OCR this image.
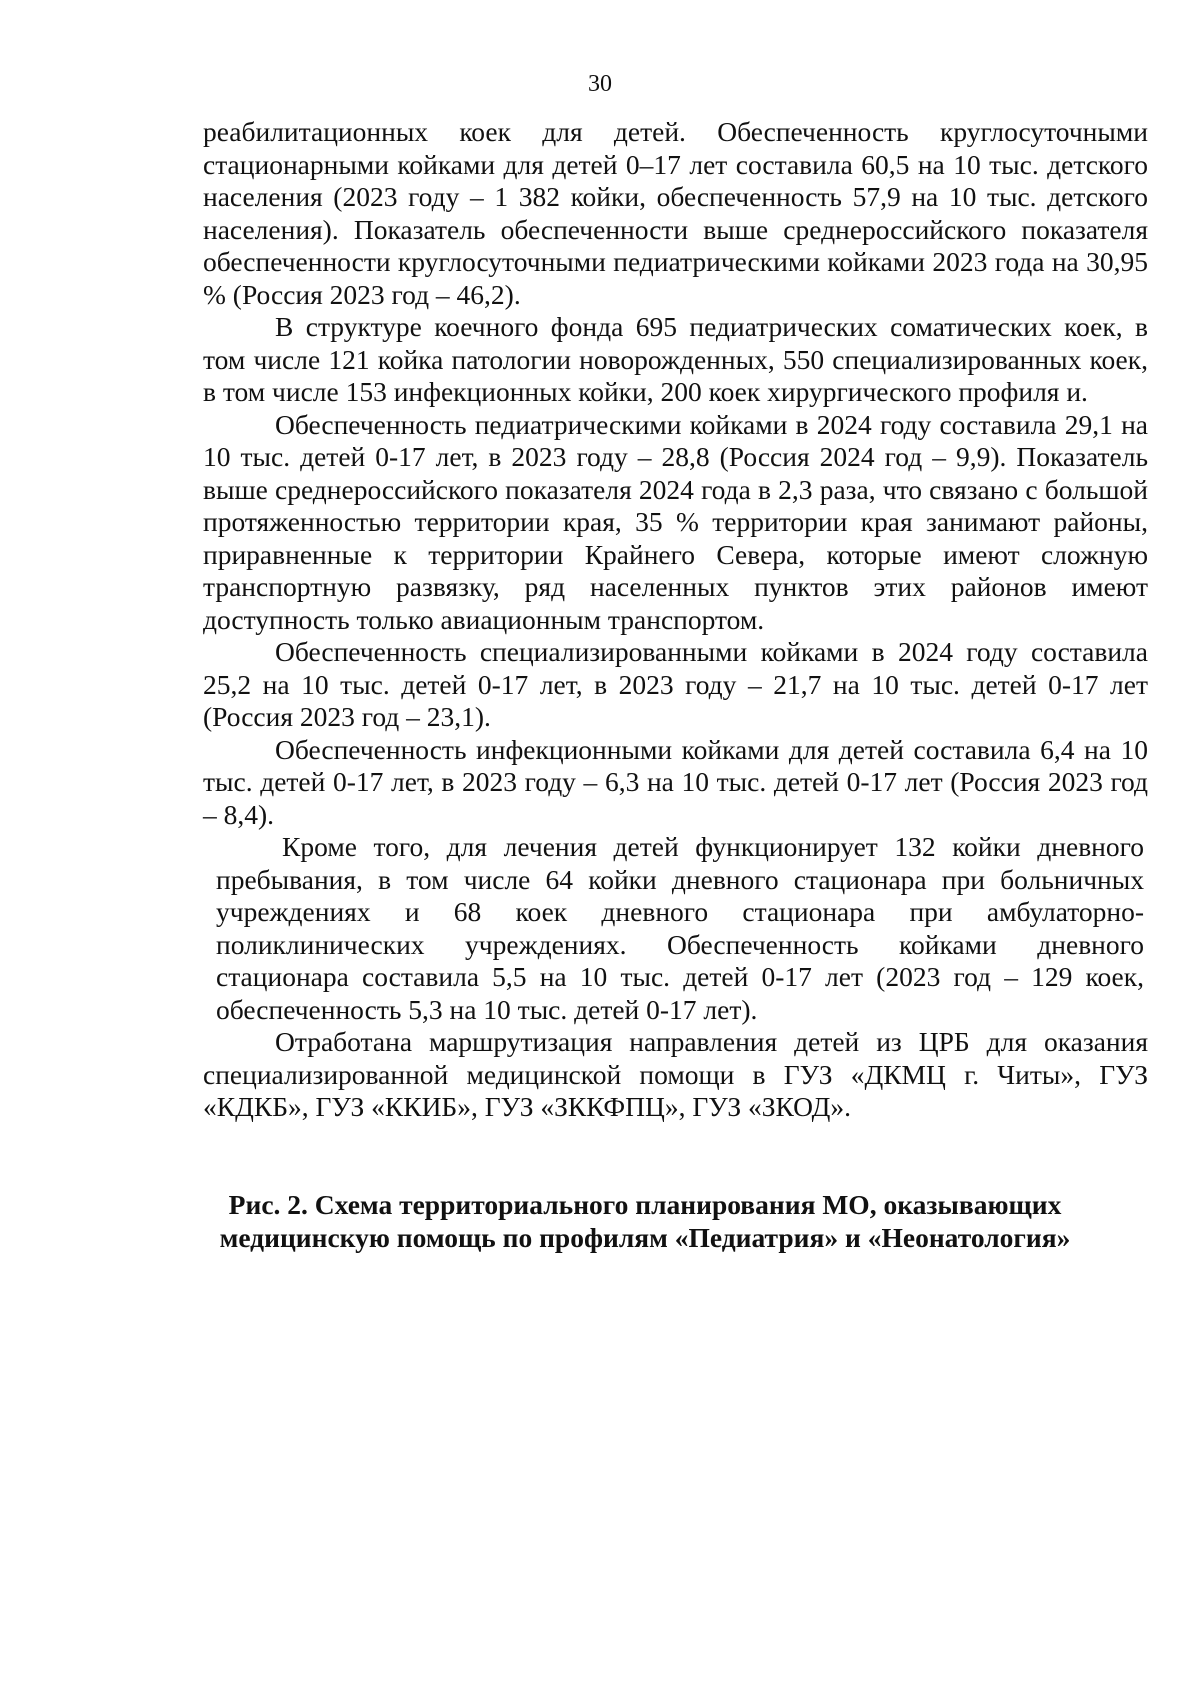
30

реабилитационных коек для детей. Обеспеченность круглосуточными стационарными койками для детей 0–17 лет составила 60,5 на 10 тыс. детского населения (2023 году – 1 382 койки, обеспеченность 57,9 на 10 тыс. детского населения). Показатель обеспеченности выше среднероссийского показателя обеспеченности круглосуточными педиатрическими койками 2023 года на 30,95 % (Россия 2023 год – 46,2).

В структуре коечного фонда 695 педиатрических соматических коек, в том числе 121 койка патологии новорожденных, 550 специализированных коек, в том числе 153 инфекционных койки, 200 коек хирургического профиля и.

Обеспеченность педиатрическими койками в 2024 году составила 29,1 на 10 тыс. детей 0-17 лет, в 2023 году – 28,8 (Россия 2024 год – 9,9). Показатель выше среднероссийского показателя 2024 года в 2,3 раза, что связано с большой протяженностью территории края, 35 % территории края занимают районы, приравненные к территории Крайнего Севера, которые имеют сложную транспортную развязку, ряд населенных пунктов этих районов имеют доступность только авиационным транспортом.

Обеспеченность специализированными койками в 2024 году составила 25,2 на 10 тыс. детей 0-17 лет, в 2023 году – 21,7 на 10 тыс. детей 0-17 лет (Россия 2023 год – 23,1).

Обеспеченность инфекционными койками для детей составила 6,4 на 10 тыс. детей 0-17 лет, в 2023 году – 6,3 на 10 тыс. детей 0-17 лет (Россия 2023 год – 8,4).

Кроме того, для лечения детей функционирует 132 койки дневного пребывания, в том числе 64 койки дневного стационара при больничных учреждениях и 68 коек дневного стационара при амбулаторно-поликлинических учреждениях. Обеспеченность койками дневного стационара составила 5,5 на 10 тыс. детей 0-17 лет (2023 год – 129 коек, обеспеченность 5,3 на 10 тыс. детей 0-17 лет).

Отработана маршрутизация направления детей из ЦРБ для оказания специализированной медицинской помощи в ГУЗ «ДКМЦ г. Читы», ГУЗ «КДКБ», ГУЗ «ККИБ», ГУЗ «ЗККФПЦ», ГУЗ «ЗКОД».

Рис. 2. Схема территориального планирования МО, оказывающих
медицинскую помощь по профилям «Педиатрия» и «Неонатология»
